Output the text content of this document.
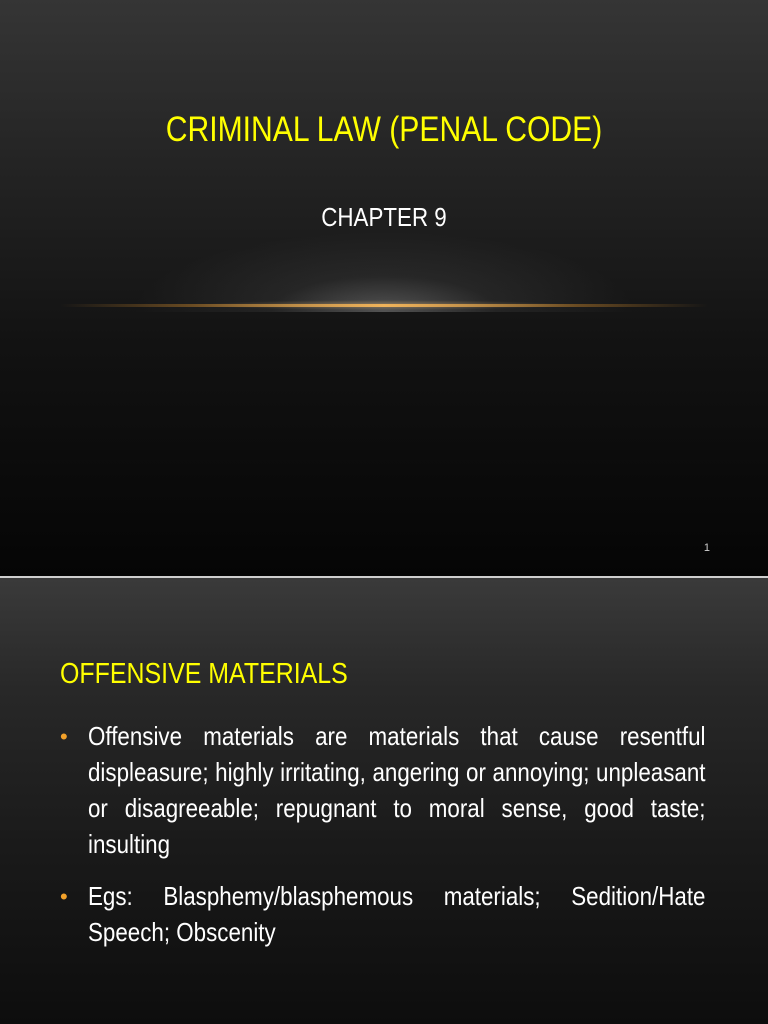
CRIMINAL LAW (PENAL CODE)
CHAPTER 9
1
OFFENSIVE MATERIALS
• Offensive materials are materials that cause resentful displeasure; highly irritating, angering or annoying; unpleasant or disagreeable; repugnant to moral sense, good taste; insulting
• Egs: Blasphemy/blasphemous materials; Sedition/Hate Speech; Obscenity
